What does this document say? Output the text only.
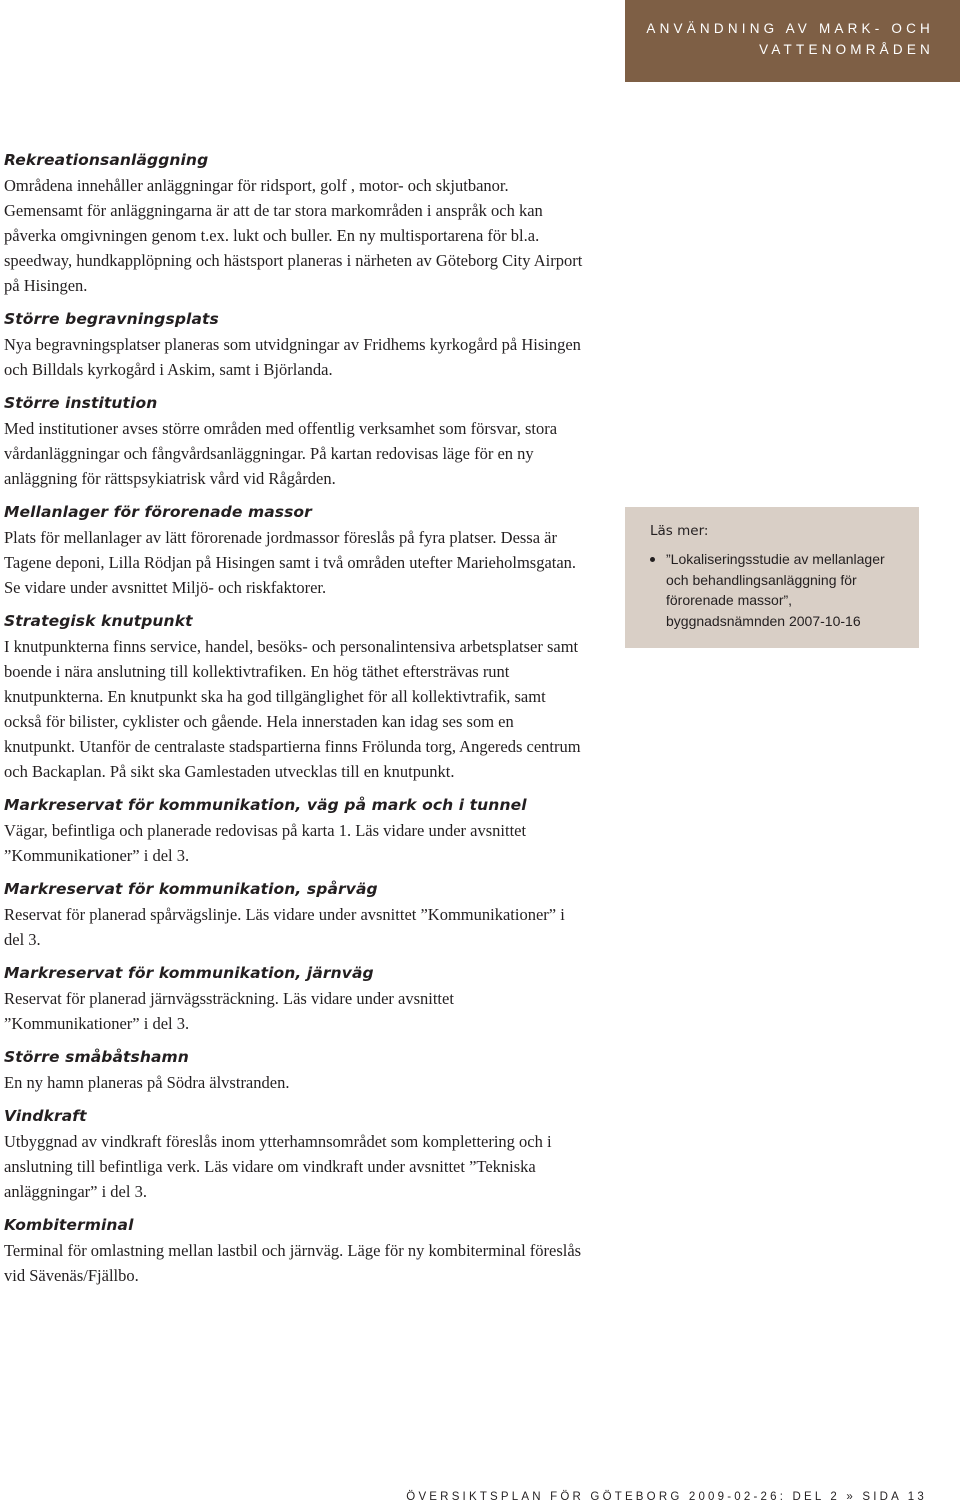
ANVÄNDNING AV MARK- OCH VATTENOMRÅDEN
Rekreationsanläggning

Områdena innehåller anläggningar för ridsport, golf , motor- och skjutbanor. Gemensamt för anläggningarna är att de tar stora markområden i anspråk och kan påverka omgivningen genom t.ex. lukt och buller. En ny multisportarena för bl.a. speedway, hundkapplöpning och hästsport planeras i närheten av Göteborg City Airport på Hisingen.

Större begravningsplats

Nya begravningsplatser planeras som utvidgningar av Fridhems kyrkogård på Hisingen och Billdals kyrkogård i Askim, samt i Björlanda.

Större institution

Med institutioner avses större områden med offentlig verksamhet som försvar, stora vårdanläggningar och fångvårdsanläggningar. På kartan redovisas läge för en ny anläggning för rättspsykiatrisk vård vid Rågården.

Mellanlager för förorenade massor

Plats för mellanlager av lätt förorenade jordmassor föreslås på fyra platser. Dessa är Tagene deponi, Lilla Rödjan på Hisingen samt i två områden utefter Marieholmsgatan. Se vidare under avsnittet Miljö- och riskfaktorer.

Strategisk knutpunkt

I knutpunkterna finns service, handel, besöks- och personalintensiva arbetsplatser samt boende i nära anslutning till kollektivtrafiken. En hög täthet eftersträvas runt knutpunkterna. En knutpunkt ska ha god tillgänglighet för all kollektivtrafik, samt också för bilister, cyklister och gående. Hela innerstaden kan idag ses som en knutpunkt. Utanför de centralaste stadspartierna finns Frölunda torg, Angereds centrum och Backaplan. På sikt ska Gamlestaden utvecklas till en knutpunkt.

Markreservat för kommunikation, väg på mark och i tunnel

Vägar, befintliga och planerade redovisas på karta 1. Läs vidare under avsnittet ”Kommunikationer” i del 3.

Markreservat för kommunikation, spårväg

Reservat för planerad spårvägslinje. Läs vidare under avsnittet ”Kommunikationer” i del 3.

Markreservat för kommunikation, järnväg

Reservat för planerad järnvägssträckning. Läs vidare under avsnittet ”Kommunikationer” i del 3.

Större småbåtshamn

En ny hamn planeras på Södra älvstranden.

Vindkraft

Utbyggnad av vindkraft föreslås inom ytterhamnsområdet som komplettering och i anslutning till befintliga verk. Läs vidare om vindkraft under avsnittet ”Tekniska anläggningar” i del 3.

Kombiterminal

Terminal för omlastning mellan lastbil och järnväg. Läge för ny kombiterminal föreslås vid Sävenäs/Fjällbo.

Läs mer:

”Lokaliseringsstudie av mellanlager och behandlingsanläggning för förorenade massor”, byggnadsnämnden 2007-10-16
ÖVERSIKTSPLAN FÖR GÖTEBORG 2009-02-26: DEL 2 » SIDA 13
